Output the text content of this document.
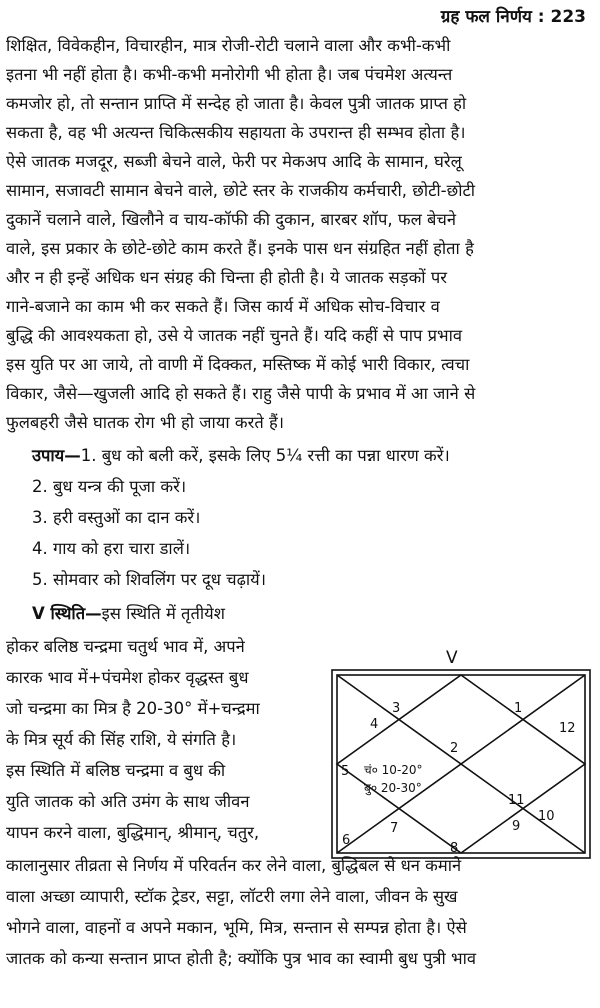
ग्रह फल निर्णय : 223
शिक्षित, विवेकहीन, विचारहीन, मात्र रोजी-रोटी चलाने वाला और कभी-कभी
इतना भी नहीं होता है। कभी-कभी मनोरोगी भी होता है। जब पंचमेश अत्यन्त
कमजोर हो, तो सन्तान प्राप्ति में सन्देह हो जाता है। केवल पुत्री जातक प्राप्त हो
सकता है, वह भी अत्यन्त चिकित्सकीय सहायता के उपरान्त ही सम्भव होता है।
ऐसे जातक मजदूर, सब्जी बेचने वाले, फेरी पर मेकअप आदि के सामान, घरेलू
सामान, सजावटी सामान बेचने वाले, छोटे स्तर के राजकीय कर्मचारी, छोटी-छोटी
दुकानें चलाने वाले, खिलौने व चाय-कॉफी की दुकान, बारबर शॉप, फल बेचने
वाले, इस प्रकार के छोटे-छोटे काम करते हैं। इनके पास धन संग्रहित नहीं होता है
और न ही इन्हें अधिक धन संग्रह की चिन्ता ही होती है। ये जातक सड़कों पर
गाने-बजाने का काम भी कर सकते हैं। जिस कार्य में अधिक सोच-विचार व
बुद्धि की आवश्यकता हो, उसे ये जातक नहीं चुनते हैं। यदि कहीं से पाप प्रभाव
इस युति पर आ जाये, तो वाणी में दिक्कत, मस्तिष्क में कोई भारी विकार, त्वचा
विकार, जैसे—खुजली आदि हो सकते हैं। राहु जैसे पापी के प्रभाव में आ जाने से
फुलबहरी जैसे घातक रोग भी हो जाया करते हैं।
उपाय—1. बुध को बली करें, इसके लिए 5¼ रत्ती का पन्ना धारण करें।
2. बुध यन्त्र की पूजा करें।
3. हरी वस्तुओं का दान करें।
4. गाय को हरा चारा डालें।
5. सोमवार को शिवलिंग पर दूध चढ़ायें।
V स्थिति—इस स्थिति में तृतीयेश
होकर बलिष्ठ चन्द्रमा चतुर्थ भाव में, अपने
कारक भाव में+पंचमेश होकर वृद्धस्त बुध
जो चन्द्रमा का मित्र है 20-30° में+चन्द्रमा
के मित्र सूर्य की सिंह राशि, ये संगति है।
इस स्थिति में बलिष्ठ चन्द्रमा व बुध की
युति जातक को अति उमंग के साथ जीवन
यापन करने वाला, बुद्धिमान्, श्रीमान्, चतुर,
कालानुसार तीव्रता से निर्णय में परिवर्तन कर लेने वाला, बुद्धिबल से धन कमाने
वाला अच्छा व्यापारी, स्टॉक ट्रेडर, सट्टा, लॉटरी लगा लेने वाला, जीवन के सुख
भोगने वाला, वाहनों व अपने मकान, भूमि, मित्र, सन्तान से सम्पन्न होता है। ऐसे
जातक को कन्या सन्तान प्राप्त होती है; क्योंकि पुत्र भाव का स्वामी बुध पुत्री भाव
V
2
3
4
5
6
7
8
9
10
11
1
12
चं० 10-20°
बु० 20-30°
